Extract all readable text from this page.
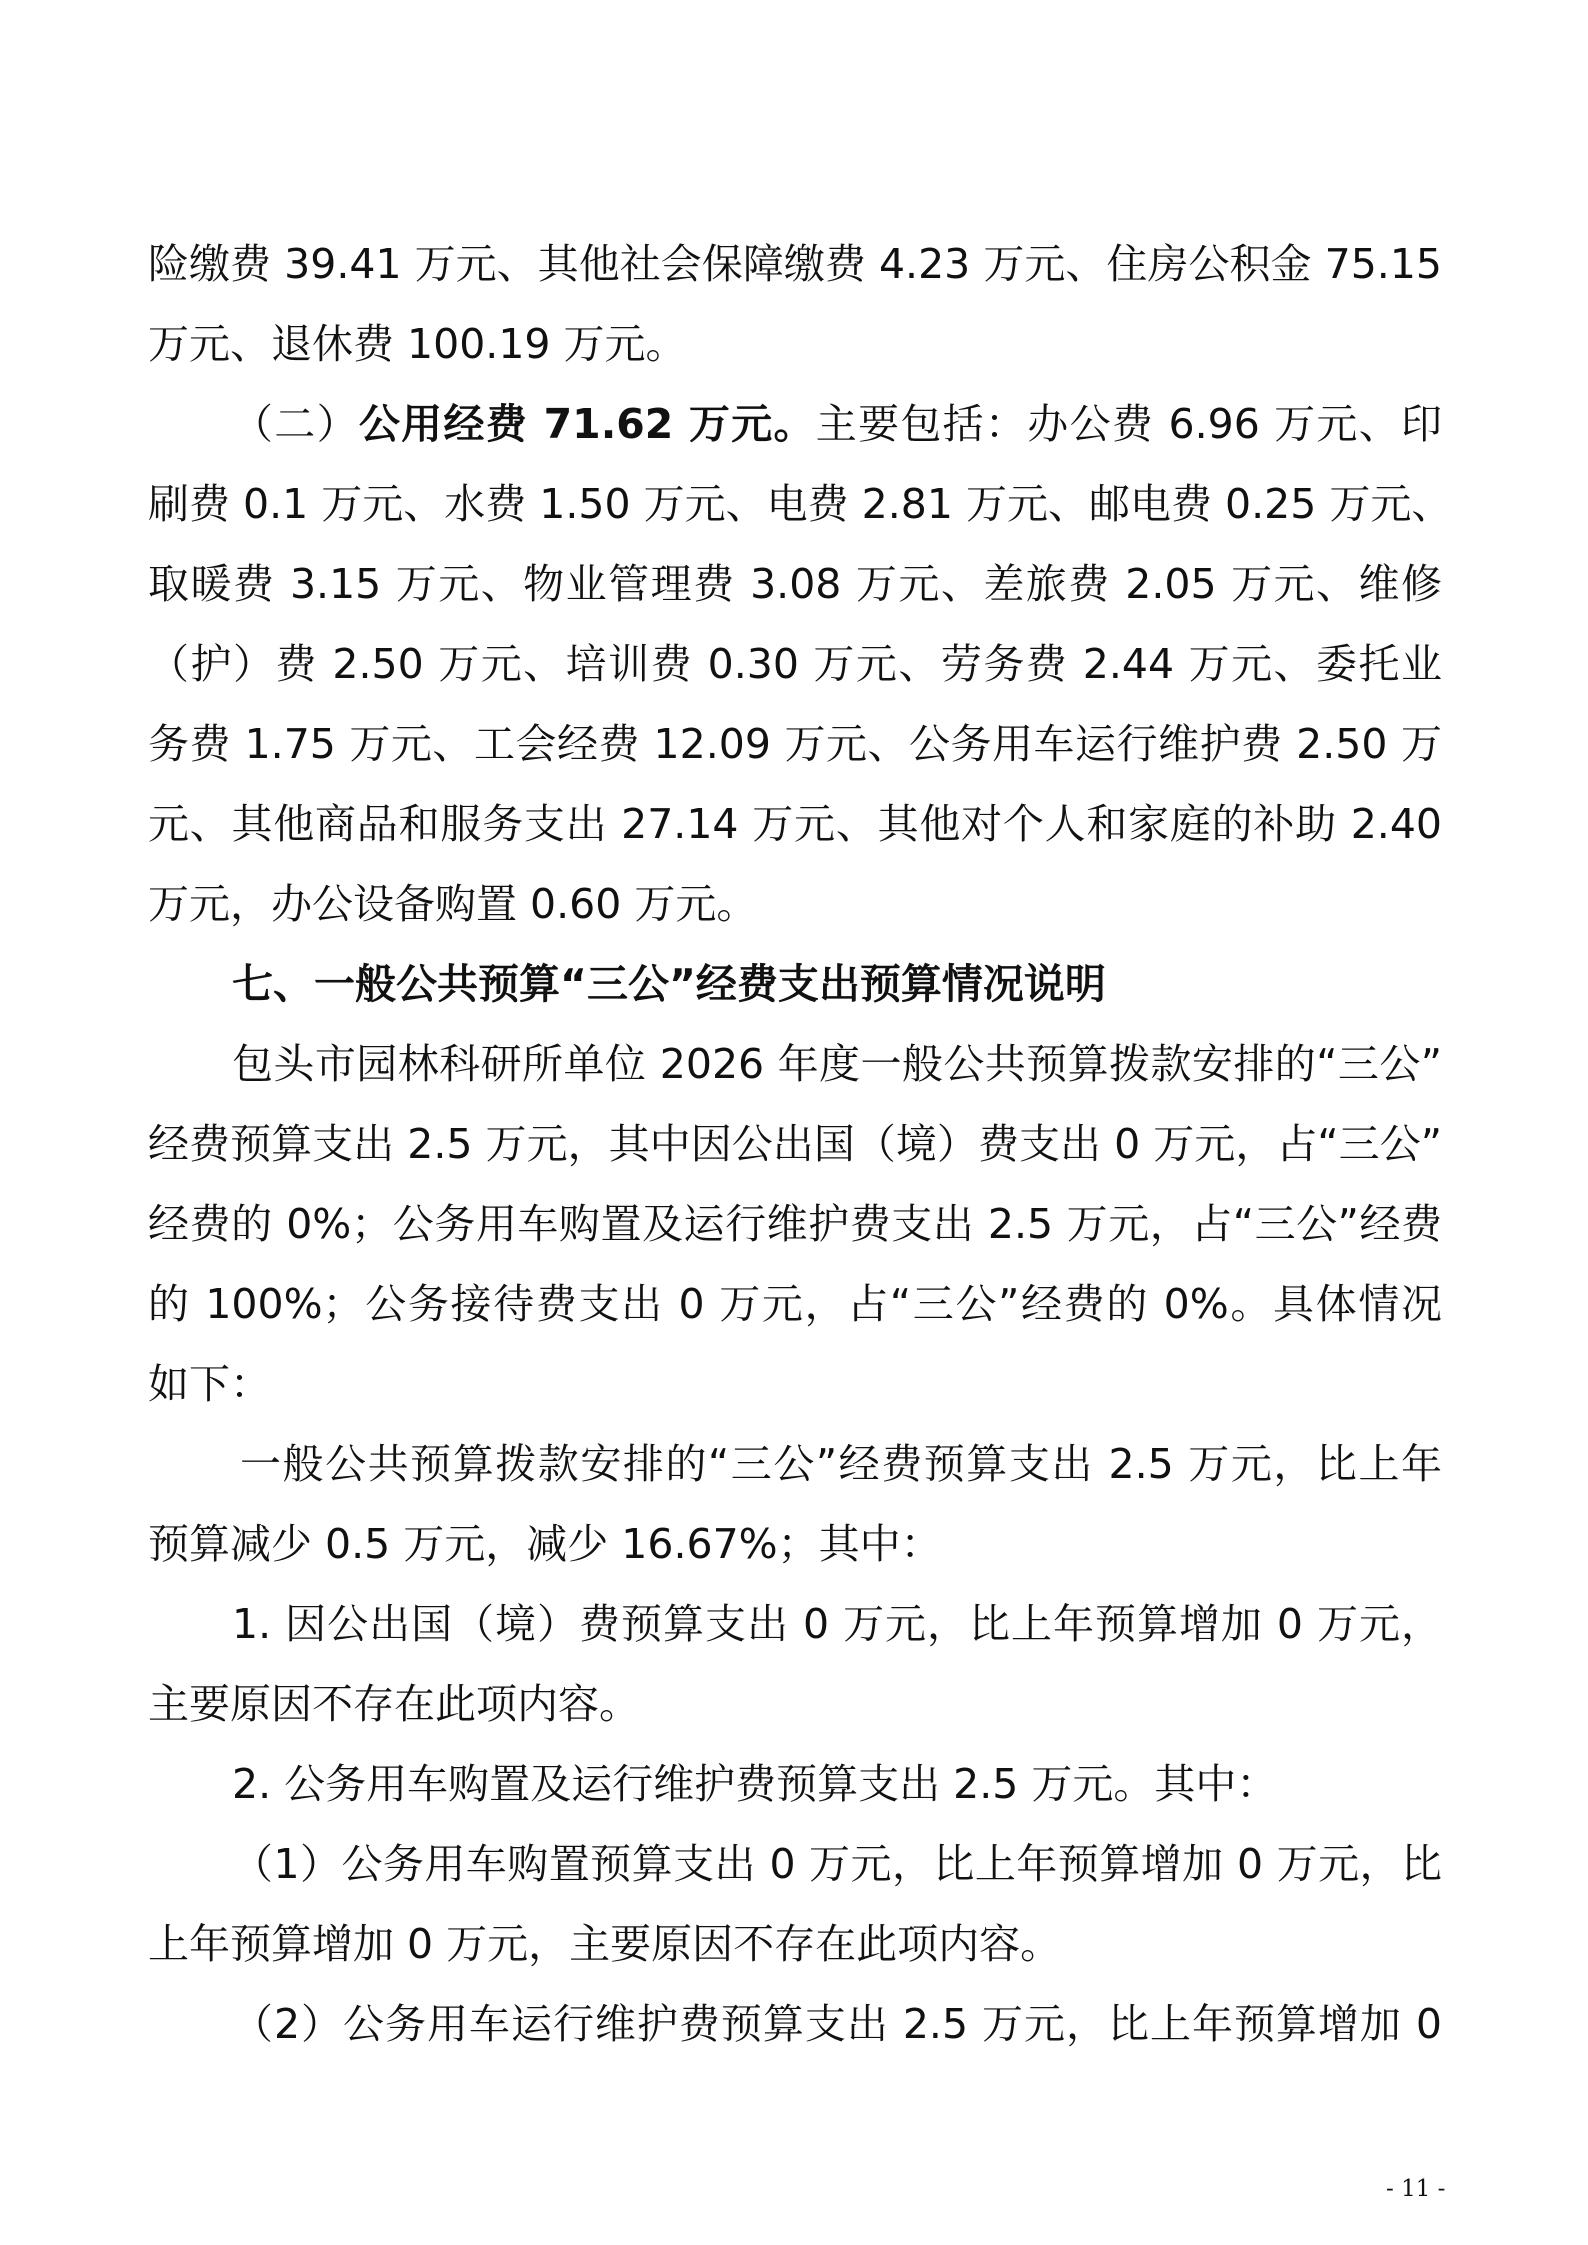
险缴费 39.41 万元、其他社会保障缴费 4.23 万元、住房公积金 75.15
万元、退休费 100.19 万元。
（二）公用经费 71.62 万元。主要包括：办公费 6.96 万元、印
刷费 0.1 万元、水费 1.50 万元、电费 2.81 万元、邮电费 0.25 万元、
取暖费 3.15 万元、物业管理费 3.08 万元、差旅费 2.05 万元、维修
（护）费 2.50 万元、培训费 0.30 万元、劳务费 2.44 万元、委托业
务费 1.75 万元、工会经费 12.09 万元、公务用车运行维护费 2.50 万
元、其他商品和服务支出 27.14 万元、其他对个人和家庭的补助 2.40
万元，办公设备购置 0.60 万元。
七、一般公共预算“三公”经费支出预算情况说明
包头市园林科研所单位 2026 年度一般公共预算拨款安排的“三公”
经费预算支出 2.5 万元，其中因公出国（境）费支出 0 万元，占“三公”
经费的 0%；公务用车购置及运行维护费支出 2.5 万元，占“三公”经费
的 100%；公务接待费支出 0 万元，占“三公”经费的 0%。具体情况
如下：
一般公共预算拨款安排的“三公”经费预算支出 2.5 万元，比上年
预算减少 0.5 万元，减少 16.67%；其中：
1. 因公出国（境）费预算支出 0 万元，比上年预算增加 0 万元，
主要原因不存在此项内容。
2. 公务用车购置及运行维护费预算支出 2.5 万元。其中：
（1）公务用车购置预算支出 0 万元，比上年预算增加 0 万元，比
上年预算增加 0 万元，主要原因不存在此项内容。
（2）公务用车运行维护费预算支出 2.5 万元，比上年预算增加 0
- 11 -
